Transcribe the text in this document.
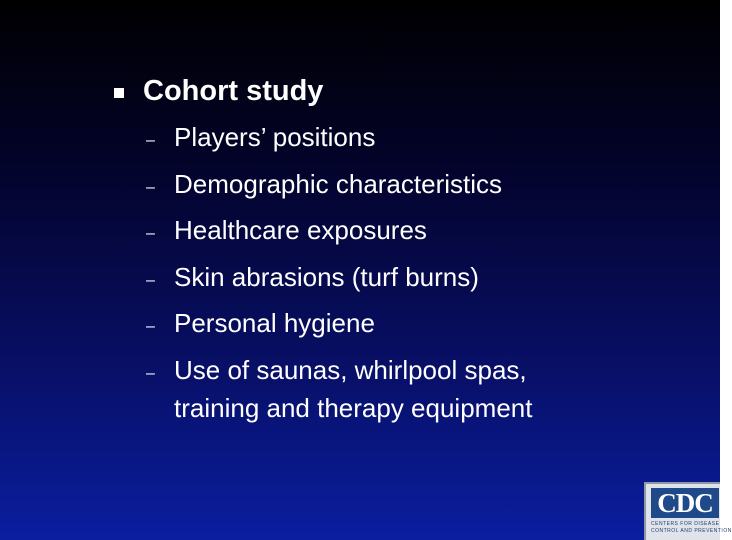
Cohort study
– Players’ positions
– Demographic characteristics
– Healthcare exposures
– Skin abrasions (turf burns)
– Personal hygiene
– Use of saunas, whirlpool spas,
training and therapy equipment
CDC
CENTERS FOR DISEASE
CONTROL AND PREVENTION
